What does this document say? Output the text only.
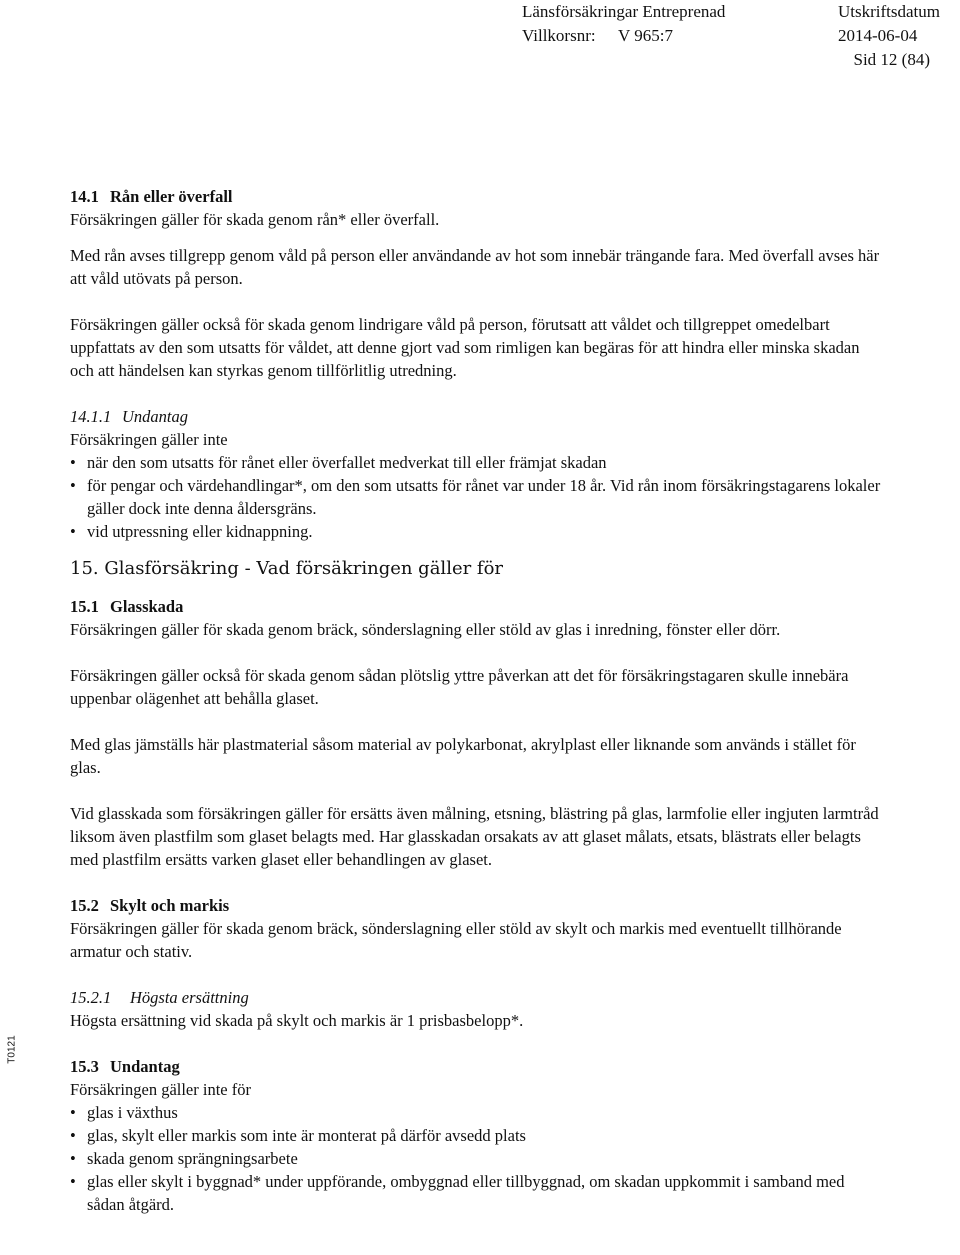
Länsförsäkringar Entreprenad	Utskriftsdatum
Villkorsnr: V 965:7	2014-06-04
Sid 12 (84)
T0121
14.1 Rån eller överfall

Försäkringen gäller för skada genom rån* eller överfall.

Med rån avses tillgrepp genom våld på person eller användande av hot som innebär trängande fara. Med överfall avses här att våld utövats på person.

Försäkringen gäller också för skada genom lindrigare våld på person, förutsatt att våldet och tillgreppet omedelbart uppfattats av den som utsatts för våldet, att denne gjort vad som rimligen kan begäras för att hindra eller minska skadan och att händelsen kan styrkas genom tillförlitlig utredning.

14.1.1 Undantag

Försäkringen gäller inte

• när den som utsatts för rånet eller överfallet medverkat till eller främjat skadan
• för pengar och värdehandlingar*, om den som utsatts för rånet var under 18 år. Vid rån inom försäkringstagarens lokaler gäller dock inte denna åldersgräns.
• vid utpressning eller kidnappning.
15. Glasförsäkring - Vad försäkringen gäller för
15.1 Glasskada

Försäkringen gäller för skada genom bräck, sönderslagning eller stöld av glas i inredning, fönster eller dörr.

Försäkringen gäller också för skada genom sådan plötslig yttre påverkan att det för försäkringstagaren skulle innebära uppenbar olägenhet att behålla glaset.

Med glas jämställs här plastmaterial såsom material av polykarbonat, akrylplast eller liknande som används i stället för glas.

Vid glasskada som försäkringen gäller för ersätts även målning, etsning, blästring på glas, larmfolie eller ingjuten larmtråd liksom även plastfilm som glaset belagts med. Har glasskadan orsakats av att glaset målats, etsats, blästrats eller belagts med plastfilm ersätts varken glaset eller behandlingen av glaset.

15.2 Skylt och markis

Försäkringen gäller för skada genom bräck, sönderslagning eller stöld av skylt och markis med eventuellt tillhörande armatur och stativ.

15.2.1 Högsta ersättning

Högsta ersättning vid skada på skylt och markis är 1 prisbasbelopp*.

15.3 Undantag

Försäkringen gäller inte för

• glas i växthus
• glas, skylt eller markis som inte är monterat på därför avsedd plats
• skada genom sprängningsarbete
• glas eller skylt i byggnad* under uppförande, ombyggnad eller tillbyggnad, om skadan uppkommit i samband med sådan åtgärd.
